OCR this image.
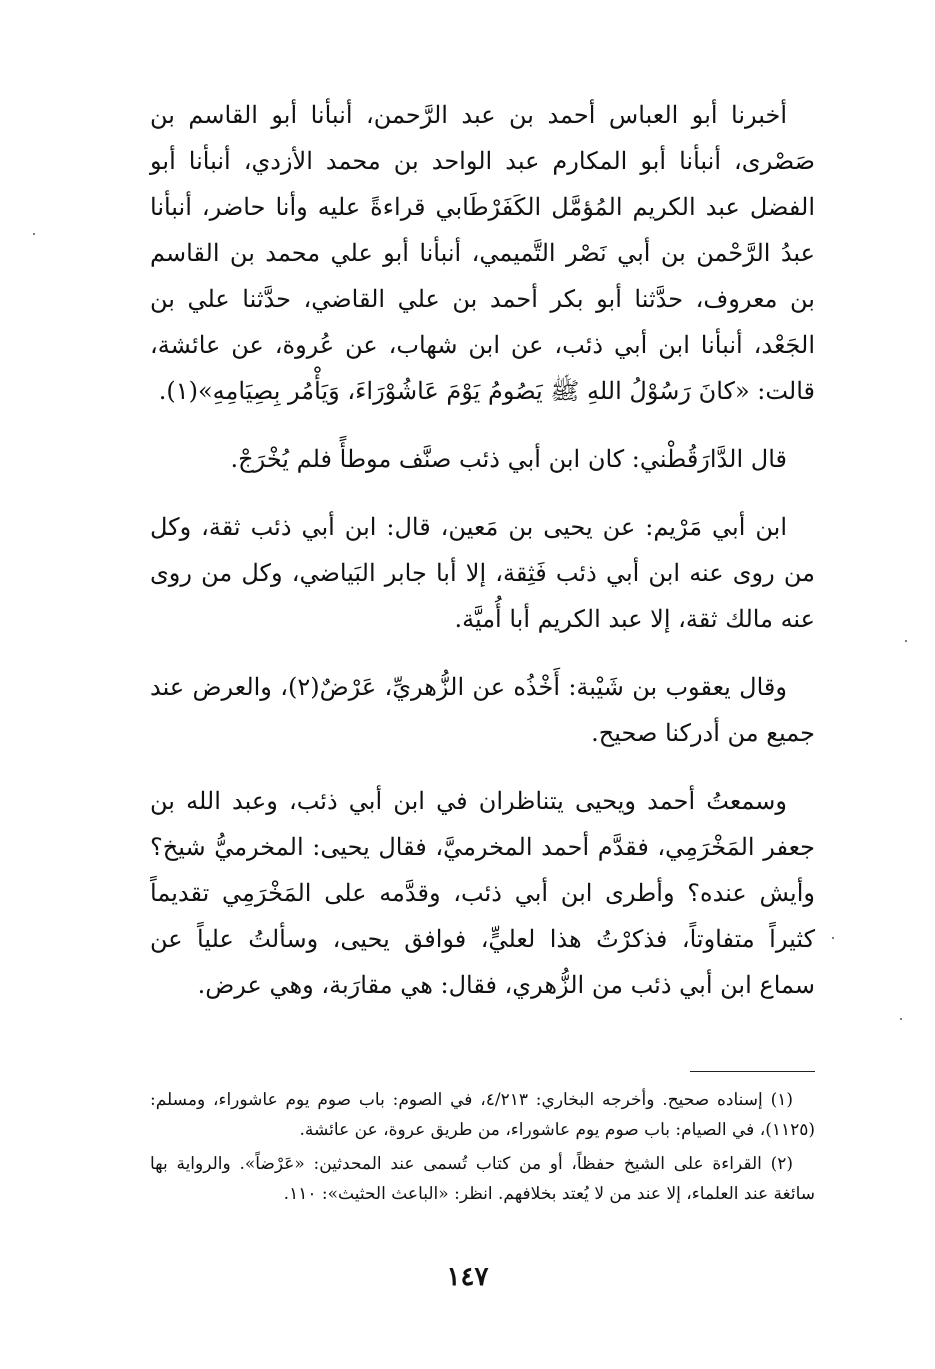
أخبرنا أبو العباس أحمد بن عبد الرَّحمن، أنبأنا أبو القاسم بن صَصْرى، أنبأنا أبو المكارم عبد الواحد بن محمد الأزدي، أنبأنا أبو الفضل عبد الكريم المُؤمَّل الكَفَرْطَابي قراءةً عليه وأنا حاضر، أنبأنا عبدُ الرَّحْمن بن أبي نَصْر التَّميمي، أنبأنا أبو علي محمد بن القاسم بن معروف، حدَّثنا أبو بكر أحمد بن علي القاضي، حدَّثنا علي بن الجَعْد، أنبأنا ابن أبي ذئب، عن ابن شهاب، عن عُروة، عن عائشة، قالت: «كانَ رَسُوْلُ اللهِ ﷺ يَصُومُ يَوْمَ عَاشُوْرَاءَ، وَيَأْمُر بِصِيَامِهِ»(١).

قال الدَّارَقُطْني: كان ابن أبي ذئب صنَّف موطأً فلم يُخْرَجْ.

ابن أبي مَرْيم: عن يحيى بن مَعين، قال: ابن أبي ذئب ثقة، وكل من روى عنه ابن أبي ذئب فَثِقة، إلا أبا جابر البَياضي، وكل من روى عنه مالك ثقة، إلا عبد الكريم أبا أُميَّة.

وقال يعقوب بن شَيْبة: أَخْذُه عن الزُّهريِّ، عَرْضٌ(٢)، والعرض عند جميع من أدركنا صحيح.

وسمعتُ أحمد ويحيى يتناظران في ابن أبي ذئب، وعبد الله بن جعفر المَخْرَمِي، فقدَّم أحمد المخرميَّ، فقال يحيى: المخرميُّ شيخ؟ وأيش عنده؟ وأطرى ابن أبي ذئب، وقدَّمه على المَخْرَمِي تقديماً كثيراً متفاوتاً، فذكرْتُ هذا لعليٍّ، فوافق يحيى، وسألتُ علياً عن سماع ابن أبي ذئب من الزُّهري، فقال: هي مقارَبة، وهي عرض.

(١) إسناده صحيح. وأخرجه البخاري: ٤/٢١٣، في الصوم: باب صوم يوم عاشوراء، ومسلم: (١١٢٥)، في الصيام: باب صوم يوم عاشوراء، من طريق عروة، عن عائشة.

(٢) القراءة على الشيخ حفظاً، أو من كتاب تُسمى عند المحدثين: «عَرْضاً». والرواية بها سائغة عند العلماء، إلا عند من لا يُعتد بخلافهم. انظر: «الباعث الحثيث»: ١١٠.

١٤٧
